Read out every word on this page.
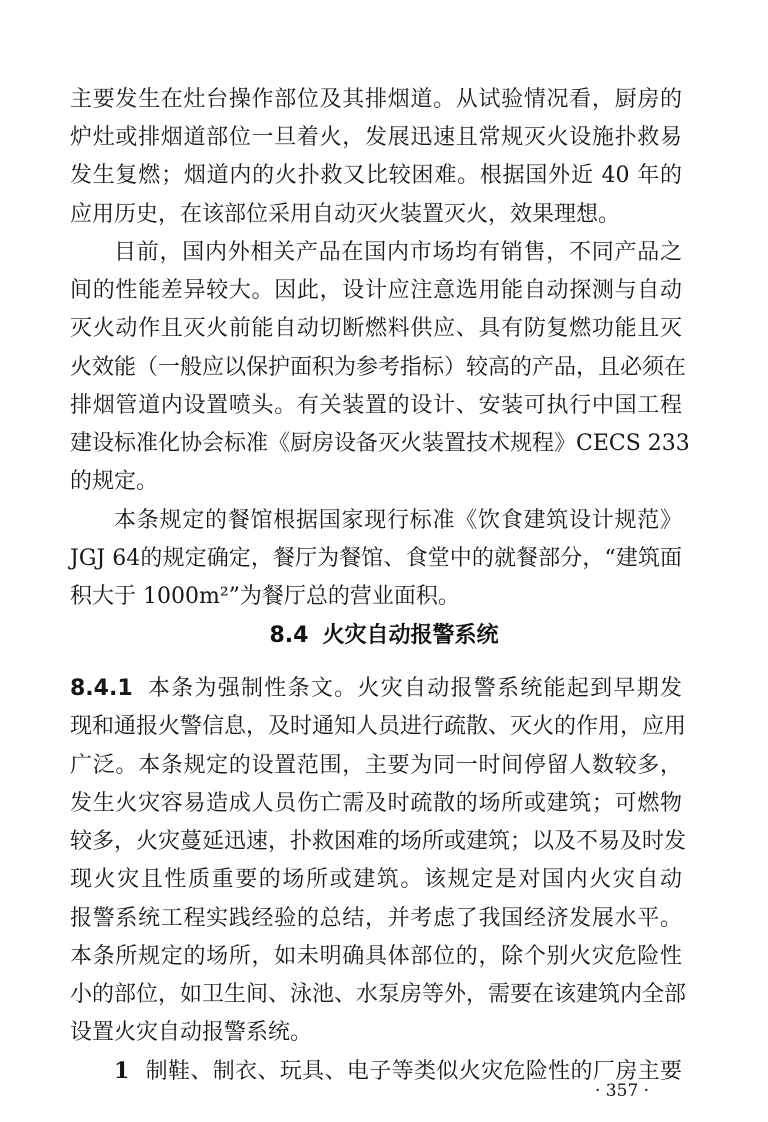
主要发生在灶台操作部位及其排烟道。从试验情况看，厨房的
炉灶或排烟道部位一旦着火，发展迅速且常规灭火设施扑救易
发生复燃；烟道内的火扑救又比较困难。根据国外近 40 年的
应用历史，在该部位采用自动灭火装置灭火，效果理想。
目前，国内外相关产品在国内市场均有销售，不同产品之
间的性能差异较大。因此，设计应注意选用能自动探测与自动
灭火动作且灭火前能自动切断燃料供应、具有防复燃功能且灭
火效能（一般应以保护面积为参考指标）较高的产品，且必须在
排烟管道内设置喷头。有关装置的设计、安装可执行中国工程
建设标准化协会标准《厨房设备灭火装置技术规程》CECS 233
的规定。
本条规定的餐馆根据国家现行标准《饮食建筑设计规范》
JGJ 64的规定确定，餐厅为餐馆、食堂中的就餐部分，“建筑面
积大于 1000m²”为餐厅总的营业面积。
8.4 火灾自动报警系统
8.4.1 本条为强制性条文。火灾自动报警系统能起到早期发
现和通报火警信息，及时通知人员进行疏散、灭火的作用，应用
广泛。本条规定的设置范围，主要为同一时间停留人数较多，
发生火灾容易造成人员伤亡需及时疏散的场所或建筑；可燃物
较多，火灾蔓延迅速，扑救困难的场所或建筑；以及不易及时发
现火灾且性质重要的场所或建筑。该规定是对国内火灾自动
报警系统工程实践经验的总结，并考虑了我国经济发展水平。
本条所规定的场所，如未明确具体部位的，除个别火灾危险性
小的部位，如卫生间、泳池、水泵房等外，需要在该建筑内全部
设置火灾自动报警系统。
1 制鞋、制衣、玩具、电子等类似火灾危险性的厂房主要
· 357 ·
